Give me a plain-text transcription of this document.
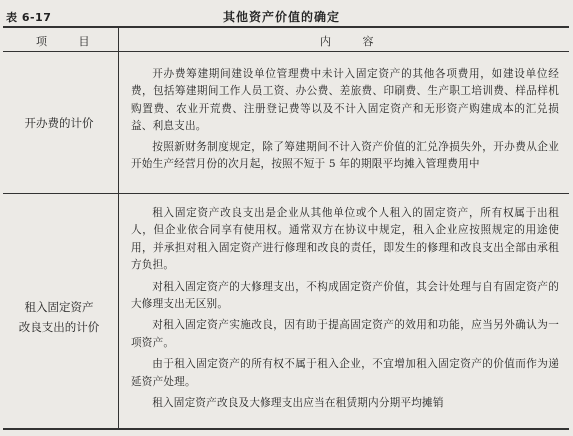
表 6-17	其他资产价值的确定
项 目	内 容
开办费的计价

开办费筹建期间建设单位管理费中未计入固定资产的其他各项费用，如建设单位经费，包括筹建期间工作人员工资、办公费、差旅费、印刷费、生产职工培训费、样品样机购置费、农业开荒费、注册登记费等以及不计入固定资产和无形资产购建成本的汇兑损益、利息支出。

按照新财务制度规定，除了筹建期间不计入资产价值的汇兑净损失外，开办费从企业开始生产经营月份的次月起，按照不短于 5 年的期限平均摊入管理费用中

租入固定资产
改良支出的计价

租入固定资产改良支出是企业从其他单位或个人租入的固定资产，所有权属于出租人，但企业依合同享有使用权。通常双方在协议中规定，租入企业应按照规定的用途使用，并承担对租入固定资产进行修理和改良的责任，即发生的修理和改良支出全部由承租方负担。

对租入固定资产的大修理支出，不构成固定资产价值，其会计处理与自有固定资产的大修理支出无区别。

对租入固定资产实施改良，因有助于提高固定资产的效用和功能，应当另外确认为一项资产。

由于租入固定资产的所有权不属于租入企业，不宜增加租入固定资产的价值而作为递延资产处理。

租入固定资产改良及大修理支出应当在租赁期内分期平均摊销
